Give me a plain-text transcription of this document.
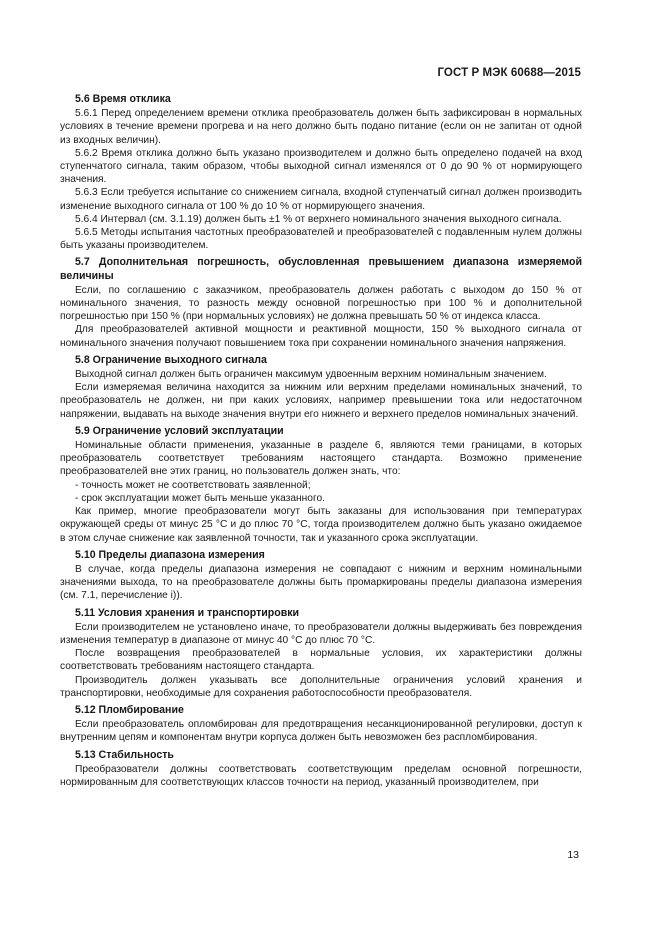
ГОСТ Р МЭК 60688—2015
5.6 Время отклика

5.6.1 Перед определением времени отклика преобразователь должен быть зафиксирован в нормальных условиях в течение времени прогрева и на него должно быть подано питание (если он не запитан от одной из входных величин).

5.6.2 Время отклика должно быть указано производителем и должно быть определено подачей на вход ступенчатого сигнала, таким образом, чтобы выходной сигнал изменялся от 0 до 90 % от нормирующего значения.

5.6.3 Если требуется испытание со снижением сигнала, входной ступенчатый сигнал должен производить изменение выходного сигнала от 100 % до 10 % от нормирующего значения.

5.6.4 Интервал (см. 3.1.19) должен быть ±1 % от верхнего номинального значения выходного сигнала.

5.6.5 Методы испытания частотных преобразователей и преобразователей с подавленным нулем должны быть указаны производителем.

5.7 Дополнительная погрешность, обусловленная превышением диапазона измеряемой величины

Если, по соглашению с заказчиком, преобразователь должен работать с выходом до 150 % от номинального значения, то разность между основной погрешностью при 100 % и дополнительной погрешностью при 150 % (при нормальных условиях) не должна превышать 50 % от индекса класса.

Для преобразователей активной мощности и реактивной мощности, 150 % выходного сигнала от номинального значения получают повышением тока при сохранении номинального значения напряжения.

5.8 Ограничение выходного сигнала

Выходной сигнал должен быть ограничен максимум удвоенным верхним номинальным значением.

Если измеряемая величина находится за нижним или верхним пределами номинальных значений, то преобразователь не должен, ни при каких условиях, например превышении тока или недостаточном напряжении, выдавать на выходе значения внутри его нижнего и верхнего пределов номинальных значений.

5.9 Ограничение условий эксплуатации

Номинальные области применения, указанные в разделе 6, являются теми границами, в которых преобразователь соответствует требованиям настоящего стандарта. Возможно применение преобразователей вне этих границ, но пользователь должен знать, что:

- точность может не соответствовать заявленной;

- срок эксплуатации может быть меньше указанного.

Как пример, многие преобразователи могут быть заказаны для использования при температурах окружающей среды от минус 25 °C и до плюс 70 °C, тогда производителем должно быть указано ожидаемое в этом случае снижение как заявленной точности, так и указанного срока эксплуатации.

5.10 Пределы диапазона измерения

В случае, когда пределы диапазона измерения не совпадают с нижним и верхним номинальными значениями выхода, то на преобразователе должны быть промаркированы пределы диапазона измерения (см. 7.1, перечисление i)).

5.11 Условия хранения и транспортировки

Если производителем не установлено иначе, то преобразователи должны выдерживать без повреждения изменения температур в диапазоне от минус 40 °C до плюс 70 °C.

После возвращения преобразователей в нормальные условия, их характеристики должны соответствовать требованиям настоящего стандарта.

Производитель должен указывать все дополнительные ограничения условий хранения и транспортировки, необходимые для сохранения работоспособности преобразователя.

5.12 Пломбирование

Если преобразователь опломбирован для предотвращения несанкционированной регулировки, доступ к внутренним цепям и компонентам внутри корпуса должен быть невозможен без распломбирования.

5.13 Стабильность

Преобразователи должны соответствовать соответствующим пределам основной погрешности, нормированным для соответствующих классов точности на период, указанный производителем, при

13
